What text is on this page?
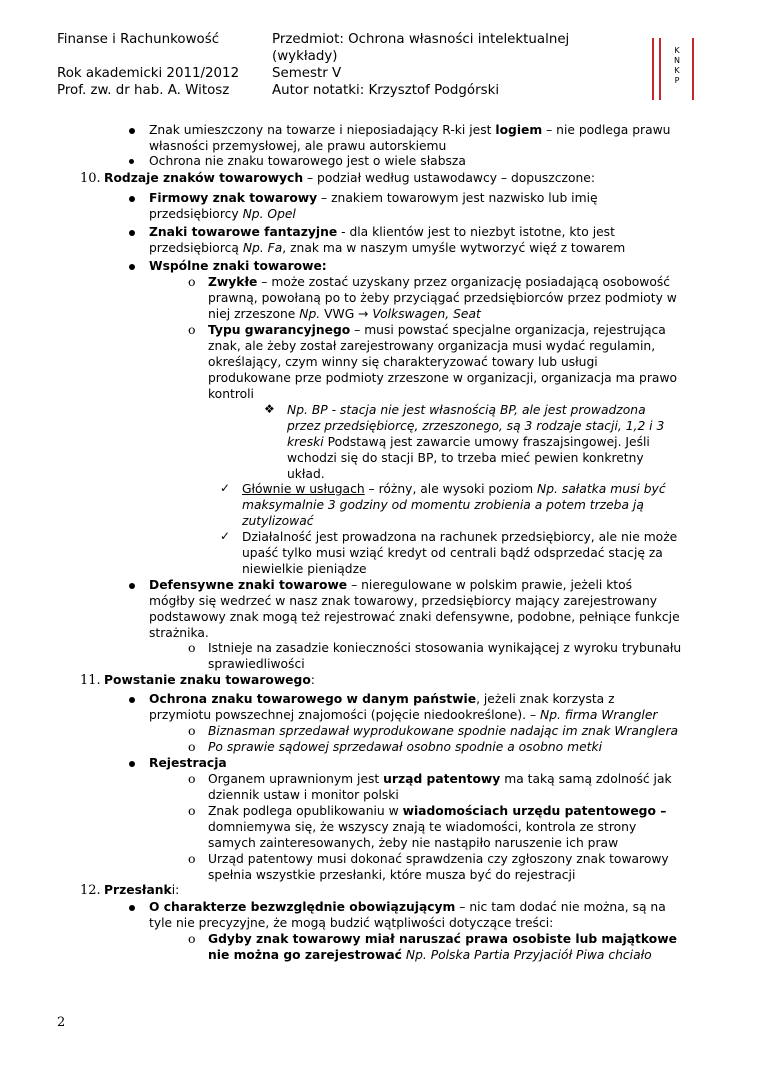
Finanse i Rachunkowość
Rok akademicki 2011/2012
Prof. zw. dr hab. A. Witosz
Przedmiot: Ochrona własności intelektualnej
(wykłady)
Semestr V
Autor notatki: Krzysztof Podgórski
K
N
K
P
Znak umieszczony na towarze i nieposiadający R-ki jest logiem – nie podlega prawu
własności przemysłowej, ale prawu autorskiemu
Ochrona nie znaku towarowego jest o wiele słabsza
10. Rodzaje znaków towarowych – podział według ustawodawcy – dopuszczone:
Firmowy znak towarowy – znakiem towarowym jest nazwisko lub imię
przedsiębiorcy Np. Opel
Znaki towarowe fantazyjne - dla klientów jest to niezbyt istotne, kto jest
przedsiębiorcą Np. Fa, znak ma w naszym umyśle wytworzyć więź z towarem
Wspólne znaki towarowe:
o Zwykłe – może zostać uzyskany przez organizację posiadającą osobowość
prawną, powołaną po to żeby przyciągać przedsiębiorców przez podmioty w
niej zrzeszone Np. VWG → Volkswagen, Seat
o Typu gwarancyjnego – musi powstać specjalne organizacja, rejestrująca
znak, ale żeby został zarejestrowany organizacja musi wydać regulamin,
określający, czym winny się charakteryzować towary lub usługi
produkowane prze podmioty zrzeszone w organizacji, organizacja ma prawo
kontroli
❖ Np. BP - stacja nie jest własnością BP, ale jest prowadzona
przez przedsiębiorcę, zrzeszonego, są 3 rodzaje stacji, 1,2 i 3
kreski Podstawą jest zawarcie umowy fraszajsingowej. Jeśli
wchodzi się do stacji BP, to trzeba mieć pewien konkretny
układ.
✓ Głównie w usługach – różny, ale wysoki poziom Np. sałatka musi być
maksymalnie 3 godziny od momentu zrobienia a potem trzeba ją
zutylizować
✓ Działalność jest prowadzona na rachunek przedsiębiorcy, ale nie może
upaść tylko musi wziąć kredyt od centrali bądź odsprzedać stację za
niewielkie pieniądze
Defensywne znaki towarowe – nieregulowane w polskim prawie, jeżeli ktoś
mógłby się wedrzeć w nasz znak towarowy, przedsiębiorcy mający zarejestrowany
podstawowy znak mogą też rejestrować znaki defensywne, podobne, pełniące funkcje
strażnika.
o Istnieje na zasadzie konieczności stosowania wynikającej z wyroku trybunału
sprawiedliwości
11. Powstanie znaku towarowego:
Ochrona znaku towarowego w danym państwie, jeżeli znak korzysta z
przymiotu powszechnej znajomości (pojęcie niedookreślone). – Np. firma Wrangler
o Biznasman sprzedawał wyprodukowane spodnie nadając im znak Wranglera
o Po sprawie sądowej sprzedawał osobno spodnie a osobno metki
Rejestracja
o Organem uprawnionym jest urząd patentowy ma taką samą zdolność jak
dziennik ustaw i monitor polski
o Znak podlega opublikowaniu w wiadomościach urzędu patentowego –
domniemywa się, że wszyscy znają te wiadomości, kontrola ze strony
samych zainteresowanych, żeby nie nastąpiło naruszenie ich praw
o Urząd patentowy musi dokonać sprawdzenia czy zgłoszony znak towarowy
spełnia wszystkie przesłanki, które musza być do rejestracji
12. Przesłanki:
O charakterze bezwzględnie obowiązującym – nic tam dodać nie można, są na
tyle nie precyzyjne, że mogą budzić wątpliwości dotyczące treści:
o Gdyby znak towarowy miał naruszać prawa osobiste lub majątkowe
nie można go zarejestrować Np. Polska Partia Przyjaciół Piwa chciało
2
